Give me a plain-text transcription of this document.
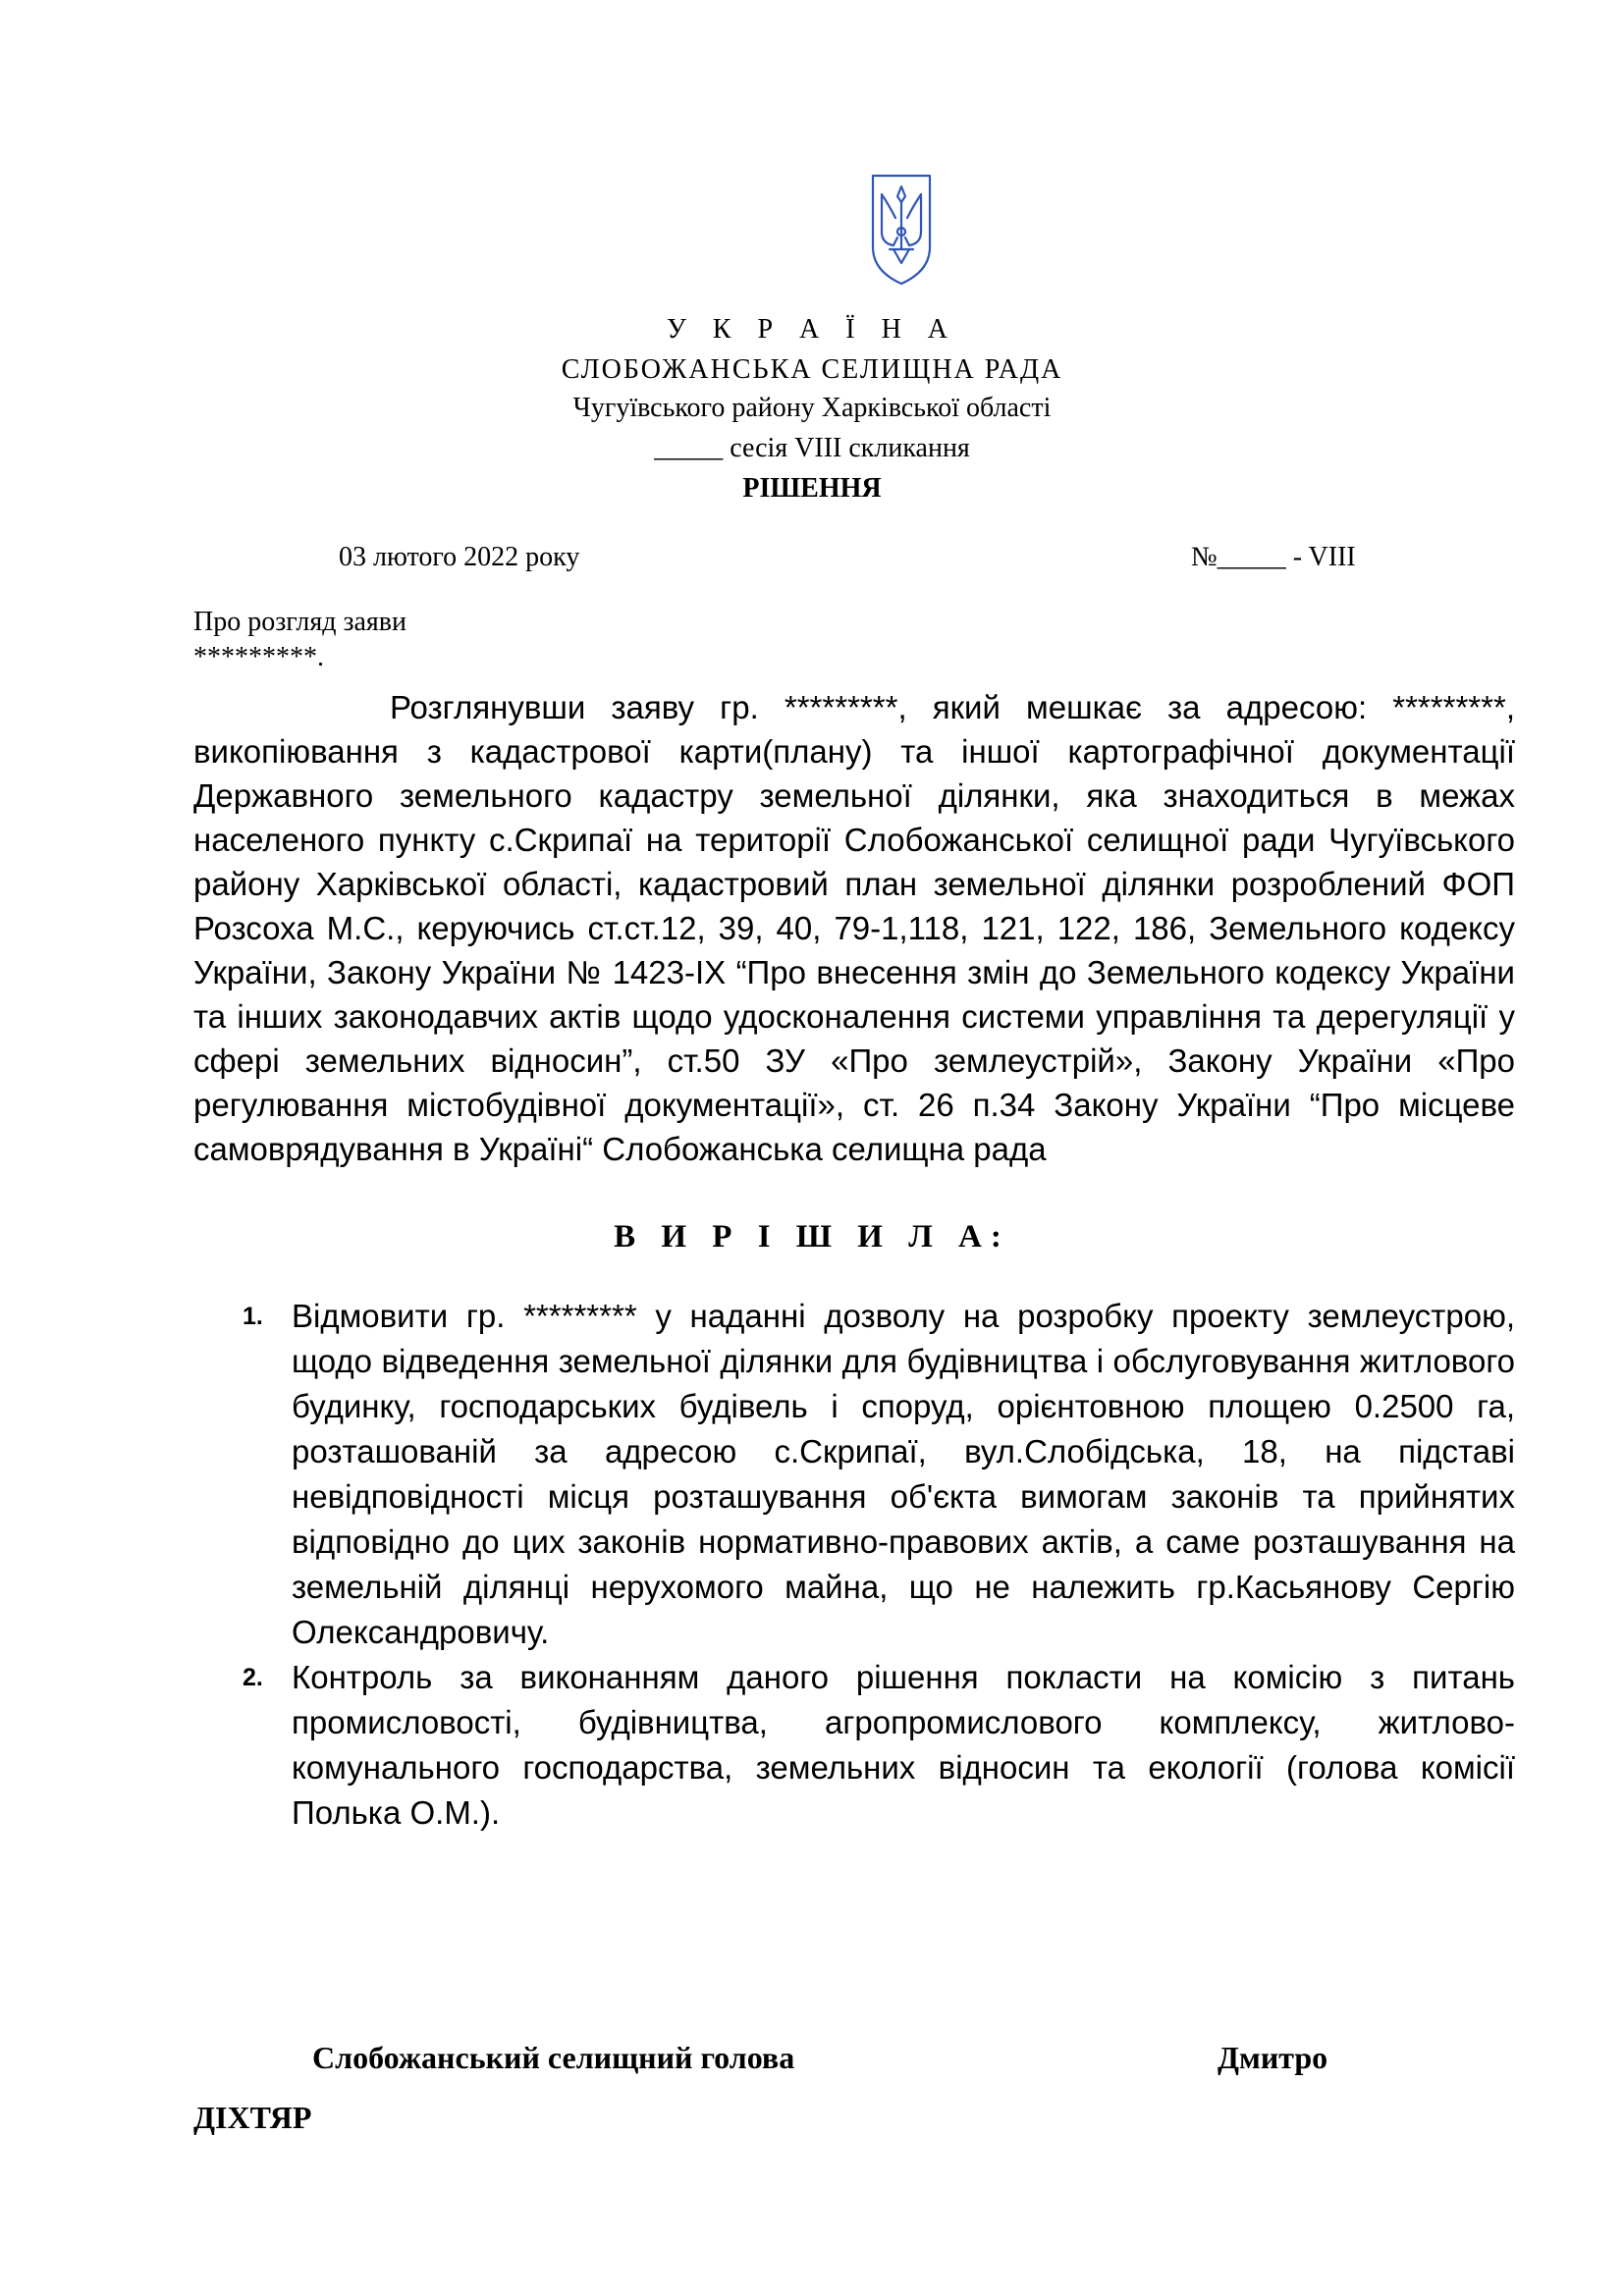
У К Р А Ї Н А
СЛОБОЖАНСЬКА СЕЛИЩНА РАДА
Чугуївського району Харківської області
_____ сесія VIII скликання
РІШЕННЯ
03 лютого 2022 року	№_____ - VIII
Про розгляд заяви
*********.
Розглянувши заяву гр. *********, який мешкає за адресою: *********, викопіювання з кадастрової карти(плану) та іншої картографічної документації Державного земельного кадастру земельної ділянки, яка знаходиться в межах населеного пункту с.Скрипаї на території Слобожанської селищної ради Чугуївського району Харківської області, кадастровий план земельної ділянки розроблений ФОП Розсоха М.С., керуючись ст.ст.12, 39, 40, 79-1,118, 121, 122, 186, Земельного кодексу України, Закону України № 1423-IX “Про внесення змін до Земельного кодексу України та інших законодавчих актів щодо удосконалення системи управління та дерегуляції у сфері земельних відносин”, ст.50 ЗУ «Про землеустрій», Закону України «Про регулювання містобудівної документації», ст. 26 п.34 Закону України “Про місцеве самоврядування в Україні“ Слобожанська селищна рада
В И Р І Ш И Л А:
1. Відмовити гр. ********* у наданні дозволу на розробку проекту землеустрою, щодо відведення земельної ділянки для будівництва і обслуговування житлового будинку, господарських будівель і споруд, орієнтовною площею 0.2500 га, розташованій за адресою с.Скрипаї, вул.Слобідська, 18, на підставі невідповідності місця розташування об'єкта вимогам законів та прийнятих відповідно до цих законів нормативно-правових актів, а саме розташування на земельній ділянці нерухомого майна, що не належить гр.Касьянову Сергію Олександровичу.
2. Контроль за виконанням даного рішення покласти на комісію з питань промисловості, будівництва, агропромислового комплексу, житлово-комунального господарства, земельних відносин та екології (голова комісії Полька О.М.).
Слобожанський селищний голова	Дмитро
ДІХТЯР
